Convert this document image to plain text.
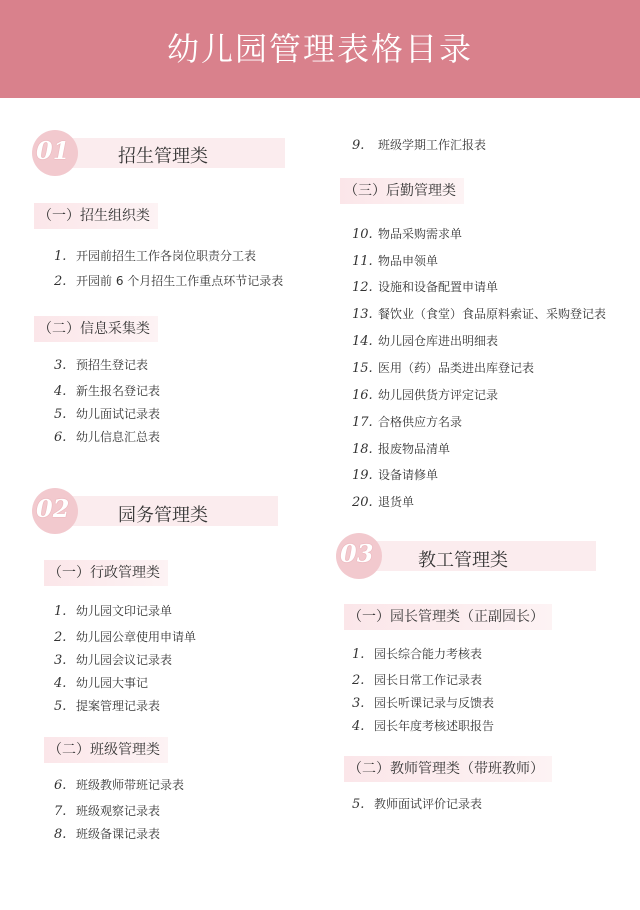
幼儿园管理表格目录
01	招生管理类
（一）招生组织类
1. 开园前招生工作各岗位职责分工表
2. 开园前 6 个月招生工作重点环节记录表
（二）信息采集类
3. 预招生登记表
4. 新生报名登记表
5. 幼儿面试记录表
6. 幼儿信息汇总表
02	园务管理类
（一）行政管理类
1. 幼儿园文印记录单
2. 幼儿园公章使用申请单
3. 幼儿园会议记录表
4. 幼儿园大事记
5. 提案管理记录表
（二）班级管理类
6. 班级教师带班记录表
7. 班级观察记录表
8. 班级备课记录表
9. 班级学期工作汇报表
（三）后勤管理类
10. 物品采购需求单
11. 物品申领单
12. 设施和设备配置申请单
13. 餐饮业（食堂）食品原料索证、采购登记表
14. 幼儿园仓库进出明细表
15. 医用（药）品类进出库登记表
16. 幼儿园供货方评定记录
17. 合格供应方名录
18. 报废物品清单
19. 设备请修单
20. 退货单
03 教工管理类
（一）园长管理类（正副园长）
1. 园长综合能力考核表
2. 园长日常工作记录表
3. 园长听课记录与反馈表
4. 园长年度考核述职报告
（二）教师管理类（带班教师）
5. 教师面试评价记录表
